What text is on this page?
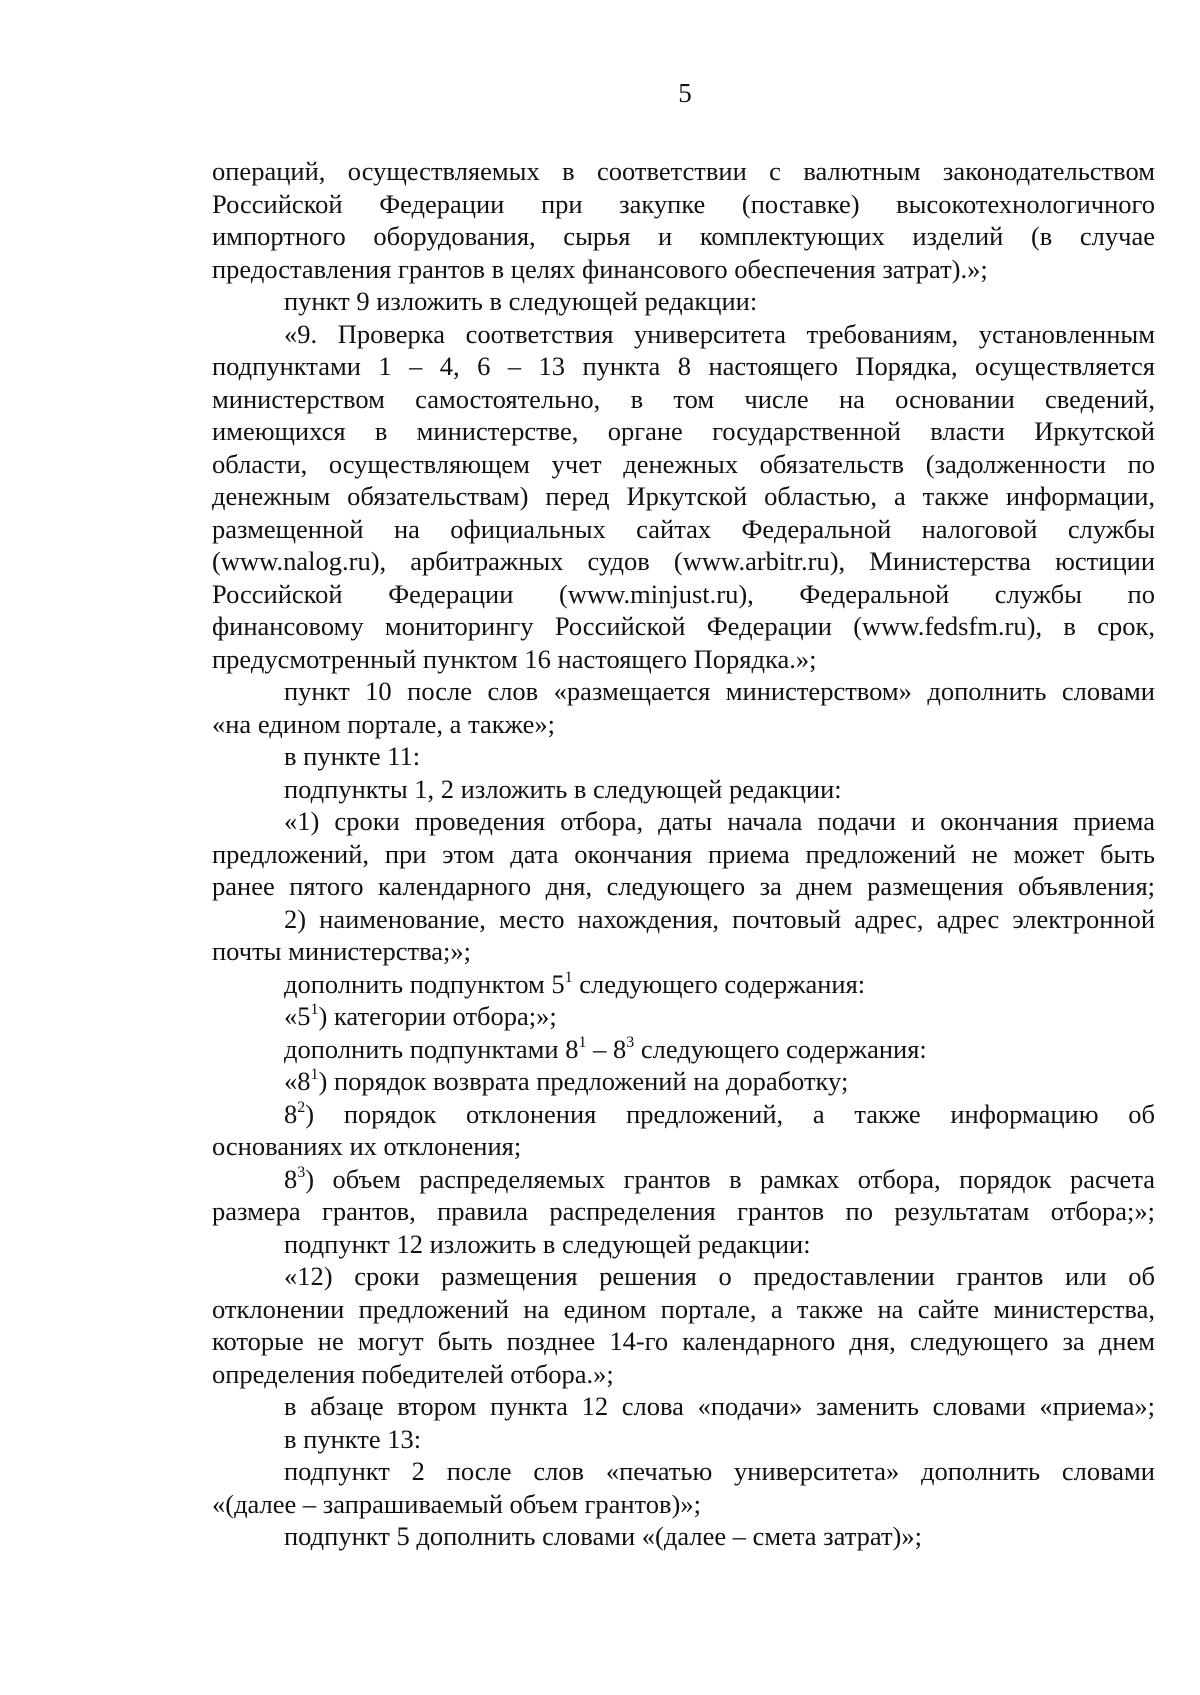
5
операций, осуществляемых в соответствии с валютным законодательством
Российской Федерации при закупке (поставке) высокотехнологичного
импортного оборудования, сырья и комплектующих изделий (в случае
предоставления грантов в целях финансового обеспечения затрат).»;
пункт 9 изложить в следующей редакции:
«9. Проверка соответствия университета требованиям, установленным
подпунктами 1 – 4, 6 – 13 пункта 8 настоящего Порядка, осуществляется
министерством самостоятельно, в том числе на основании сведений,
имеющихся в министерстве, органе государственной власти Иркутской
области, осуществляющем учет денежных обязательств (задолженности по
денежным обязательствам) перед Иркутской областью, а также информации,
размещенной на официальных сайтах Федеральной налоговой службы
(www.nalog.ru), арбитражных судов (www.arbitr.ru), Министерства юстиции
Российской Федерации (www.minjust.ru), Федеральной службы по
финансовому мониторингу Российской Федерации (www.fedsfm.ru), в срок,
предусмотренный пунктом 16 настоящего Порядка.»;
пункт 10 после слов «размещается министерством» дополнить словами
«на едином портале, а также»;
в пункте 11:
подпункты 1, 2 изложить в следующей редакции:
«1) сроки проведения отбора, даты начала подачи и окончания приема
предложений, при этом дата окончания приема предложений не может быть
ранее пятого календарного дня, следующего за днем размещения объявления;
2) наименование, место нахождения, почтовый адрес, адрес электронной
почты министерства;»;
дополнить подпунктом $5^1$ следующего содержания:
«$5^1$) категории отбора;»;
дополнить подпунктами $8^1 - 8^3$ следующего содержания:
«$8^1$) порядок возврата предложений на доработку;
$8^2$) порядок отклонения предложений, а также информацию об
основаниях их отклонения;
$8^3$) объем распределяемых грантов в рамках отбора, порядок расчета
размера грантов, правила распределения грантов по результатам отбора;»;
подпункт 12 изложить в следующей редакции:
«12) сроки размещения решения о предоставлении грантов или об
отклонении предложений на едином портале, а также на сайте министерства,
которые не могут быть позднее 14-го календарного дня, следующего за днем
определения победителей отбора.»;
в абзаце втором пункта 12 слова «подачи» заменить словами «приема»;
в пункте 13:
подпункт 2 после слов «печатью университета» дополнить словами
«(далее – запрашиваемый объем грантов)»;
подпункт 5 дополнить словами «(далее – смета затрат)»;
